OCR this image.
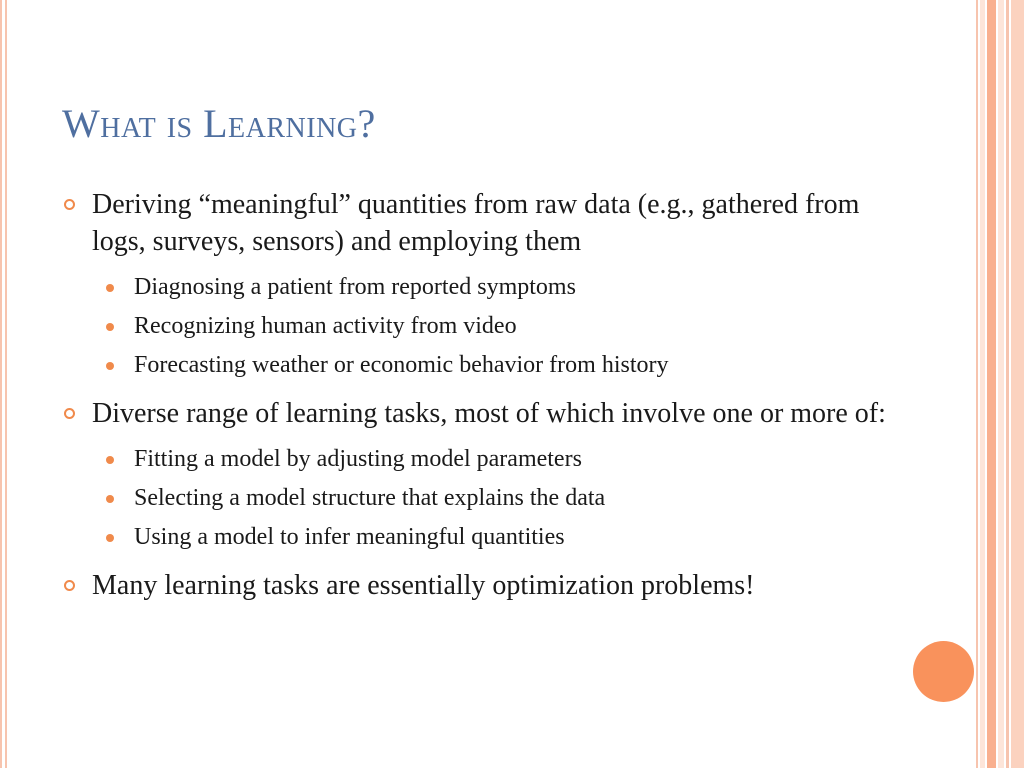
What is Learning?
Deriving “meaningful” quantities from raw data (e.g., gathered from logs, surveys, sensors) and employing them
Diagnosing a patient from reported symptoms
Recognizing human activity from video
Forecasting weather or economic behavior from history
Diverse range of learning tasks, most of which involve one or more of:
Fitting a model by adjusting model parameters
Selecting a model structure that explains the data
Using a model to infer meaningful quantities
Many learning tasks are essentially optimization problems!
